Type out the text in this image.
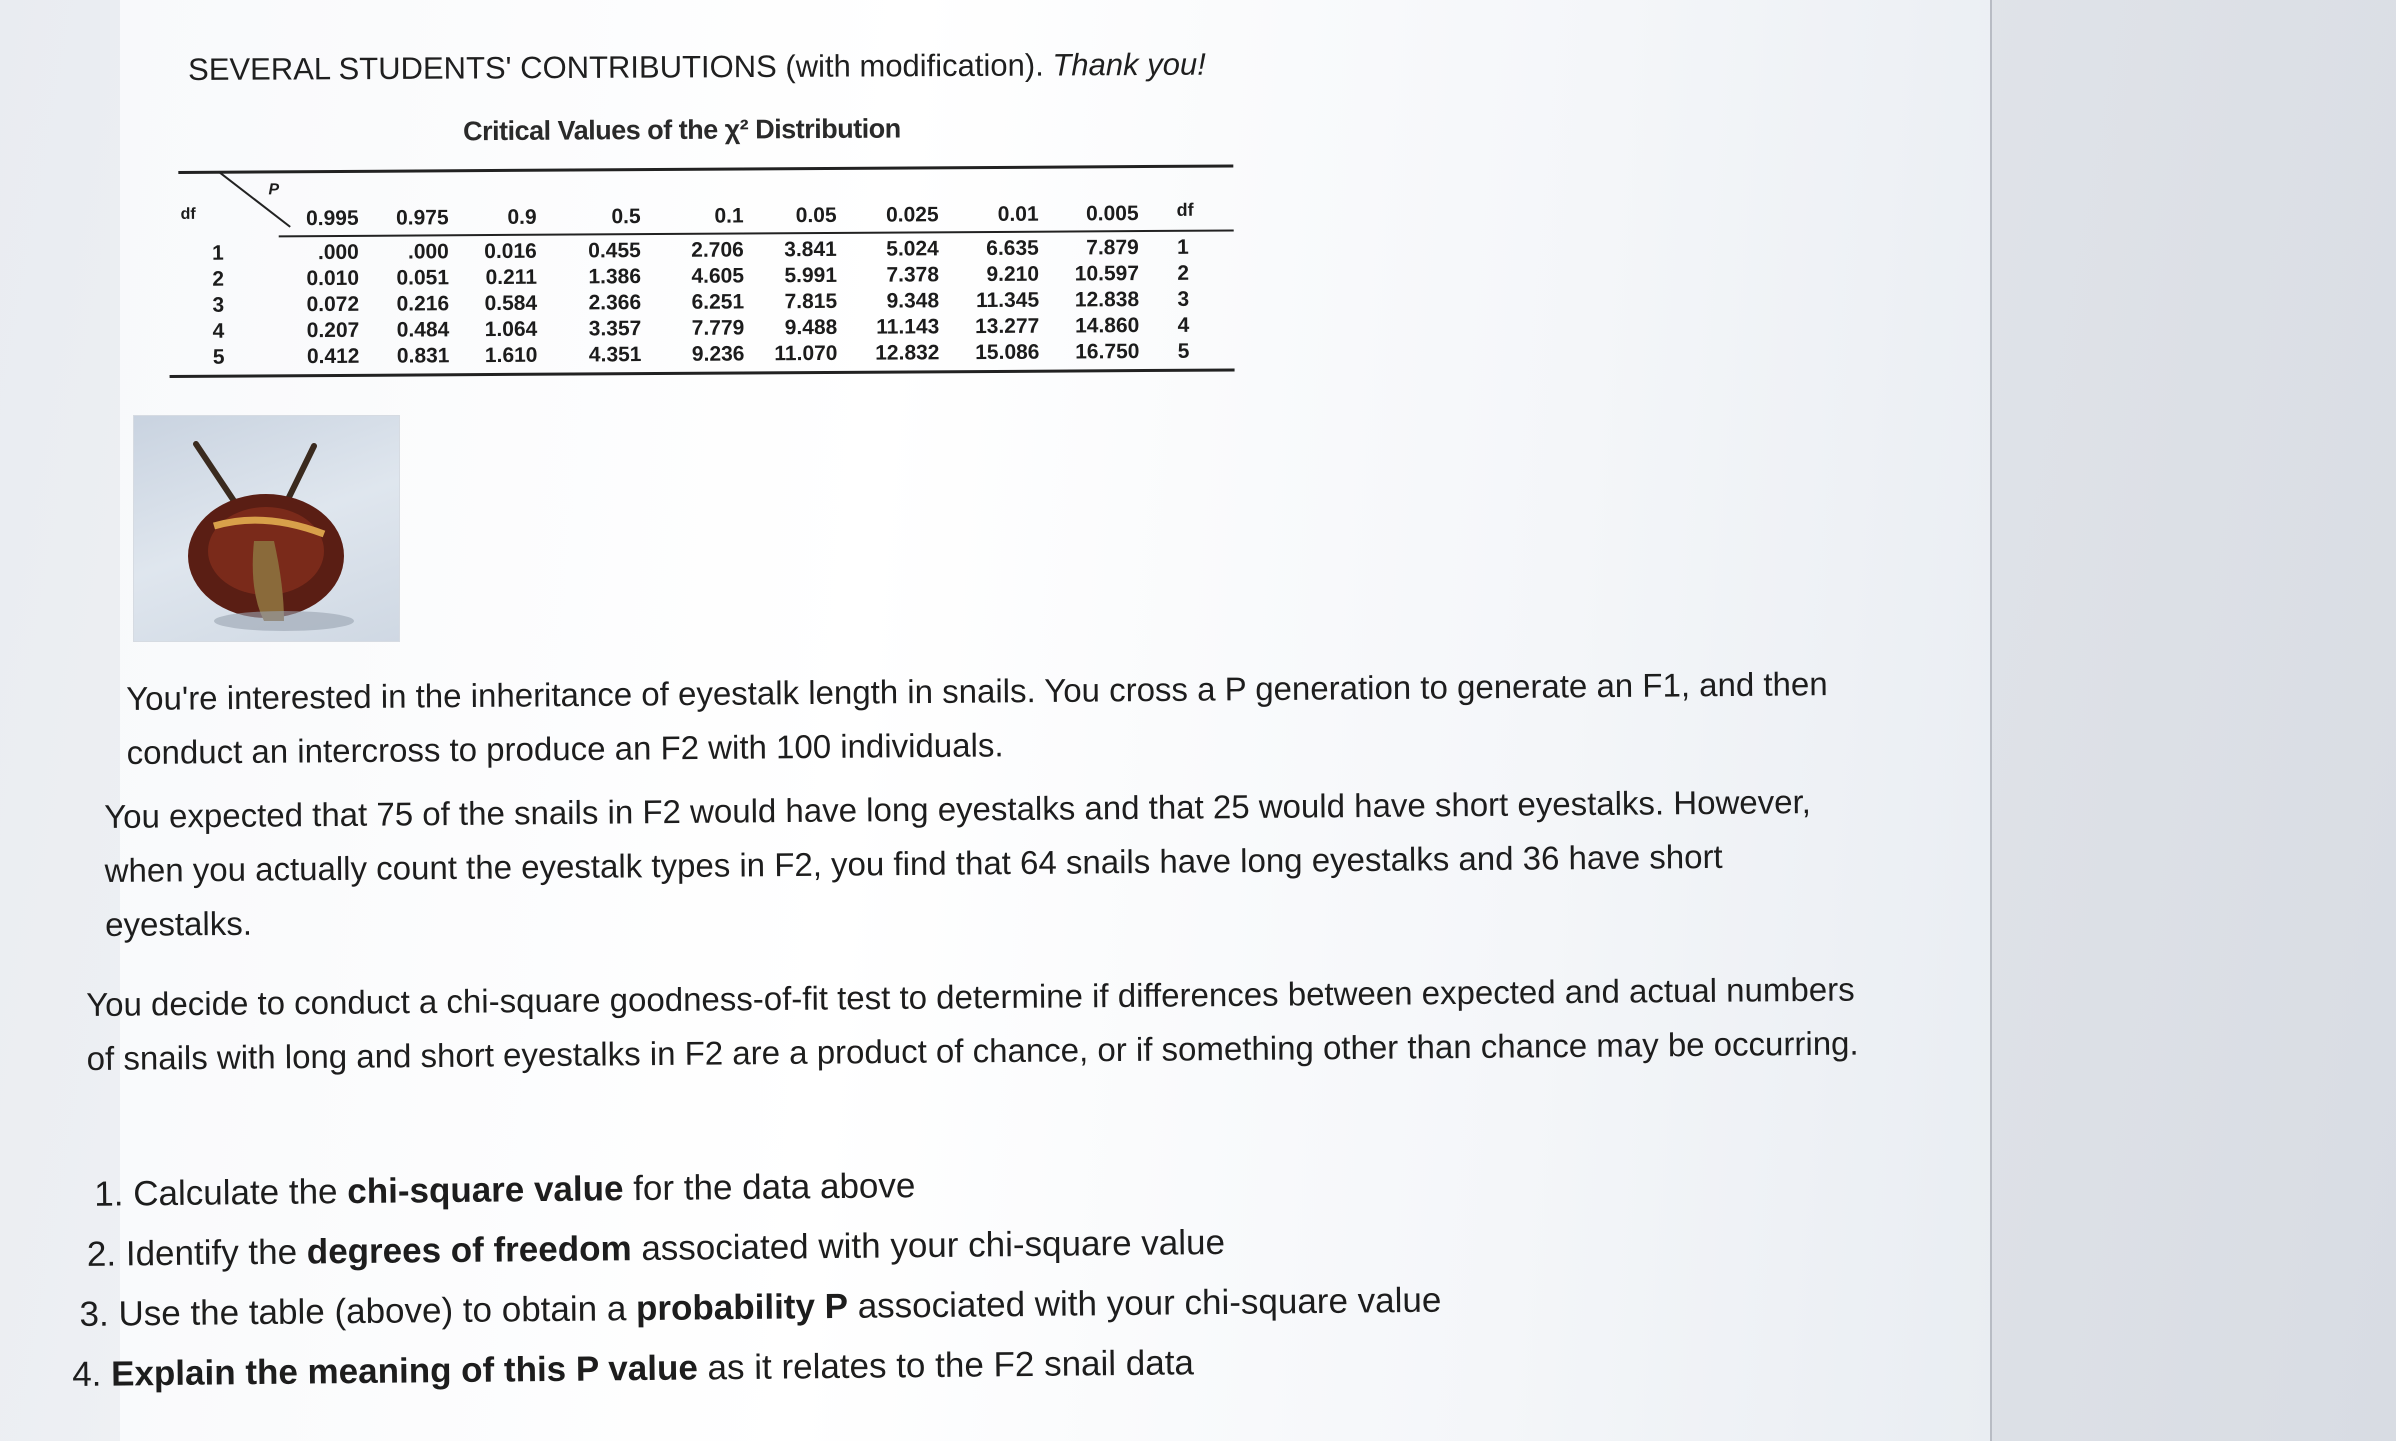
SEVERAL STUDENTS' CONTRIBUTIONS (with modification). Thank you!
Critical Values of the χ² Distribution
df
P
0.995	0.975	0.9	0.5	0.1	0.05	0.025	0.01	0.005 df
1	.000	.000	0.016	0.455	2.706	3.841	5.024	6.635	7.879	1
2	0.010	0.051	0.211	1.386	4.605	5.991	7.378	9.210	10.597	2
3	0.072	0.216	0.584	2.366	6.251	7.815	9.348	11.345	12.838	3
4	0.207	0.484	1.064	3.357	7.779	9.488	11.143	13.277	14.860	4
5	0.412	0.831	1.610	4.351	9.236	11.070	12.832	15.086	16.750	5

You're interested in the inheritance of eyestalk length in snails. You cross a P generation to generate an F1, and then conduct an intercross to produce an F2 with 100 individuals.

You expected that 75 of the snails in F2 would have long eyestalks and that 25 would have short eyestalks. However, when you actually count the eyestalk types in F2, you find that 64 snails have long eyestalks and 36 have short eyestalks.

You decide to conduct a chi-square goodness-of-fit test to determine if differences between expected and actual numbers of snails with long and short eyestalks in F2 are a product of chance, or if something other than chance may be occurring.

1. Calculate the chi-square value for the data above
2. Identify the degrees of freedom associated with your chi-square value
3. Use the table (above) to obtain a probability P associated with your chi-square value
4. Explain the meaning of this P value as it relates to the F2 snail data
